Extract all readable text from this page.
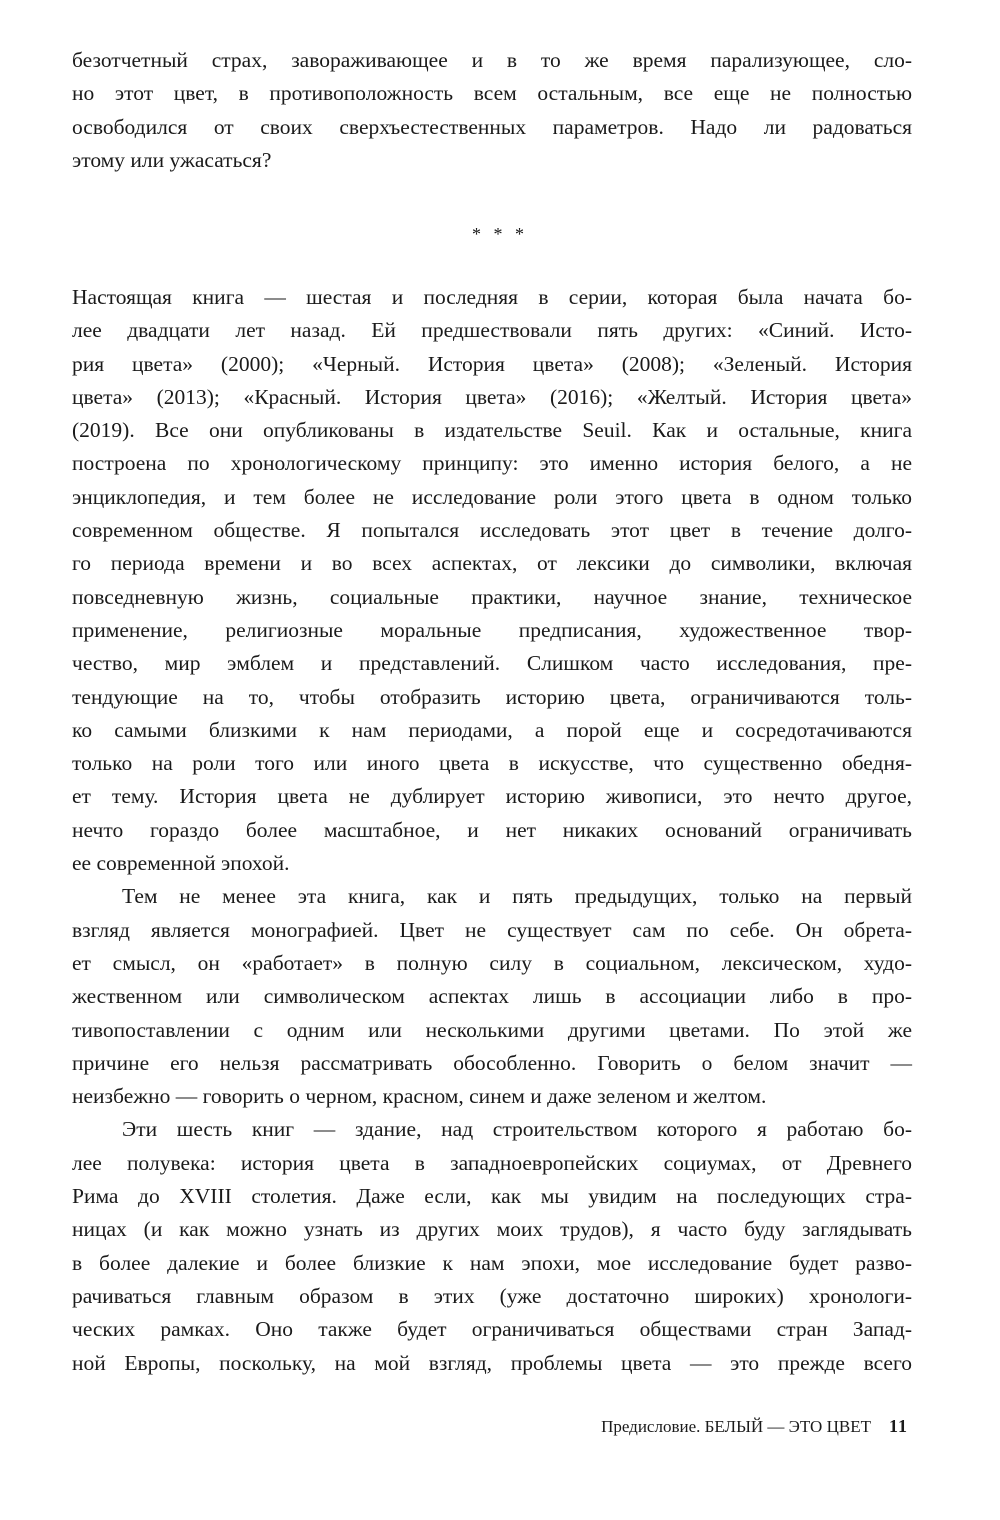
безотчетный страх, завораживающее и в то же время парализующее, сло-
но этот цвет, в противоположность всем остальным, все еще не полностью
освободился от своих сверхъестественных параметров. Надо ли радоваться
этому или ужасаться?
* * *
Настоящая книга — шестая и последняя в серии, которая была начата бо-
лее двадцати лет назад. Ей предшествовали пять других: «Синий. Исто-
рия цвета» (2000); «Черный. История цвета» (2008); «Зеленый. История
цвета» (2013); «Красный. История цвета» (2016); «Желтый. История цвета»
(2019). Все они опубликованы в издательстве Seuil. Как и остальные, книга
построена по хронологическому принципу: это именно история белого, а не
энциклопедия, и тем более не исследование роли этого цвета в одном только
современном обществе. Я попытался исследовать этот цвет в течение долго-
го периода времени и во всех аспектах, от лексики до символики, включая
повседневную жизнь, социальные практики, научное знание, техническое
применение, религиозные моральные предписания, художественное твор-
чество, мир эмблем и представлений. Слишком часто исследования, пре-
тендующие на то, чтобы отобразить историю цвета, ограничиваются толь-
ко самыми близкими к нам периодами, а порой еще и сосредотачиваются
только на роли того или иного цвета в искусстве, что существенно обедня-
ет тему. История цвета не дублирует историю живописи, это нечто другое,
нечто гораздо более масштабное, и нет никаких оснований ограничивать
ее современной эпохой.
Тем не менее эта книга, как и пять предыдущих, только на первый
взгляд является монографией. Цвет не существует сам по себе. Он обрета-
ет смысл, он «работает» в полную силу в социальном, лексическом, худо-
жественном или символическом аспектах лишь в ассоциации либо в про-
тивопоставлении с одним или несколькими другими цветами. По этой же
причине его нельзя рассматривать обособленно. Говорить о белом значит —
неизбежно — говорить о черном, красном, синем и даже зеленом и желтом.
Эти шесть книг — здание, над строительством которого я работаю бо-
лее полувека: история цвета в западноевропейских социумах, от Древнего
Рима до XVIII столетия. Даже если, как мы увидим на последующих стра-
ницах (и как можно узнать из других моих трудов), я часто буду заглядывать
в более далекие и более близкие к нам эпохи, мое исследование будет разво-
рачиваться главным образом в этих (уже достаточно широких) хронологи-
ческих рамках. Оно также будет ограничиваться обществами стран Запад-
ной Европы, поскольку, на мой взгляд, проблемы цвета — это прежде всего
Предисловие. БЕЛЫЙ — ЭТО ЦВЕТ 11
